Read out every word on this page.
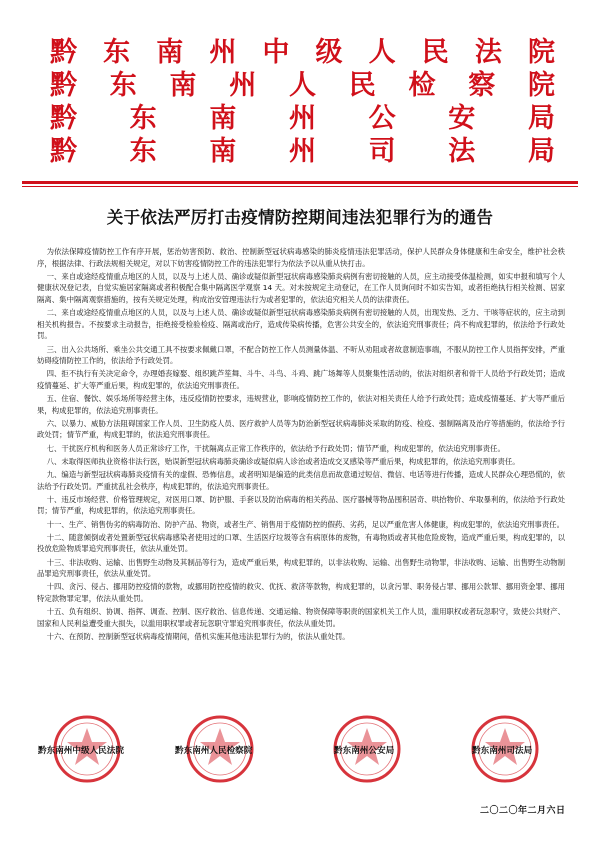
黔 东 南 州 中 级 人 民 法 院
黔 东 南 州 人 民 检 察 院
黔 东 南 州 公 安 局
黔 东 南 州 司 法 局
关于依法严厉打击疫情防控期间违法犯罪行为的通告

为依法保障疫情防控工作有序开展，惩治妨害预防、救治、控制新型冠状病毒感染的肺炎疫情违法犯罪活动，保护人民群众身体健康和生命安全，维护社会秩序，根据法律、行政法规相关规定，对以下妨害疫情防控工作的违法犯罪行为依法予以从重从快打击。

一、来自或途经疫情重点地区的人员，以及与上述人员、确诊或疑似新型冠状病毒感染肺炎病例有密切接触的人员，应主动接受体温检测，如实申报和填写个人健康状况登记表，自觉实施居家隔离或者积极配合集中隔离医学观察 14 天。对未按规定主动登记，在工作人员询问时不如实告知，或者拒绝执行相关检测、居家隔离、集中隔离观察措施的，按有关规定处理，构成治安管理违法行为或者犯罪的，依法追究相关人员的法律责任。

二、来自或途经疫情重点地区的人员，以及与上述人员、确诊或疑似新型冠状病毒感染肺炎病例有密切接触的人员，出现发热、乏力、干咳等症状的，应主动到相关机构报告。不按要求主动报告，拒绝接受检验检疫、隔离或治疗，造成传染病传播，危害公共安全的，依法追究刑事责任；尚不构成犯罪的，依法给予行政处罚。

三、出入公共场所、乘坐公共交通工具不按要求佩戴口罩，不配合防控工作人员测量体温、不听从劝阻或者故意制造事端，不服从防控工作人员指挥安排，严重妨碍疫情防控工作的，依法给予行政处罚。

四、拒不执行有关决定命令，办理婚丧嫁娶、组织跳芦笙舞、斗牛、斗鸟、斗鸡、跳广场舞等人员聚集性活动的，依法对组织者和骨干人员给予行政处罚；造成疫情蔓延、扩大等严重后果，构成犯罪的，依法追究刑事责任。

五、住宿、餐饮、娱乐场所等经营主体，违反疫情防控要求，违规营业，影响疫情防控工作的，依法对相关责任人给予行政处罚；造成疫情蔓延、扩大等严重后果，构成犯罪的，依法追究刑事责任。

六、以暴力、威胁方法阻碍国家工作人员、卫生防疫人员、医疗救护人员等为防治新型冠状病毒肺炎采取的防疫、检疫、强制隔离及治疗等措施的，依法给予行政处罚；情节严重，构成犯罪的，依法追究刑事责任。

七、干扰医疗机构和医务人员正常诊疗工作，干扰隔离点正常工作秩序的，依法给予行政处罚；情节严重，构成犯罪的，依法追究刑事责任。

八、未取得医师执业资格非法行医，贻误新型冠状病毒肺炎确诊或疑似病人诊治或者造成交叉感染等严重后果，构成犯罪的，依法追究刑事责任。

九、编造与新型冠状病毒肺炎疫情有关的虚假、恐怖信息，或者明知是编造的此类信息而故意通过短信、微信、电话等进行传播，造成人民群众心理恐慌的，依法给予行政处罚。严重扰乱社会秩序，构成犯罪的，依法追究刑事责任。

十、违反市场经营、价格管理规定，对医用口罩、防护服、手套以及防治病毒的相关药品、医疗器械等物品囤积居奇、哄抬物价、牟取暴利的，依法给予行政处罚；情节严重，构成犯罪的，依法追究刑事责任。

十一、生产、销售伪劣的病毒防治、防护产品、物资，或者生产、销售用于疫情防控的假药、劣药，足以严重危害人体健康，构成犯罪的，依法追究刑事责任。

十二、随意倾倒或者处置新型冠状病毒感染者使用过的口罩、生活医疗垃圾等含有病原体的废物，有毒物质或者其他危险废物，造成严重后果，构成犯罪的，以投放危险物质罪追究刑事责任，依法从重处罚。

十三、非法收购、运输、出售野生动物及其制品等行为，造成严重后果，构成犯罪的，以非法收购、运输、出售野生动物罪，非法收购、运输、出售野生动物制品罪追究刑事责任，依法从重处罚。

十四、贪污、侵占、挪用防控疫情的款物，或挪用防控疫情的救灾、优抚、救济等款物，构成犯罪的，以贪污罪、职务侵占罪、挪用公款罪、挪用资金罪、挪用特定款物罪定罪，依法从重处罚。

十五、负有组织、协调、指挥、调查、控制、医疗救治、信息传递、交通运输、物资保障等职责的国家机关工作人员，滥用职权或者玩忽职守，致使公共财产、国家和人民利益遭受重大损失，以滥用职权罪或者玩忽职守罪追究刑事责任，依法从重处罚。

十六、在预防、控制新型冠状病毒疫情期间，借机实施其他违法犯罪行为的，依法从重处罚。

黔东南州中级人民法院	黔东南州人民检察院	黔东南州公安局	黔东南州司法局
二〇二〇年二月六日
